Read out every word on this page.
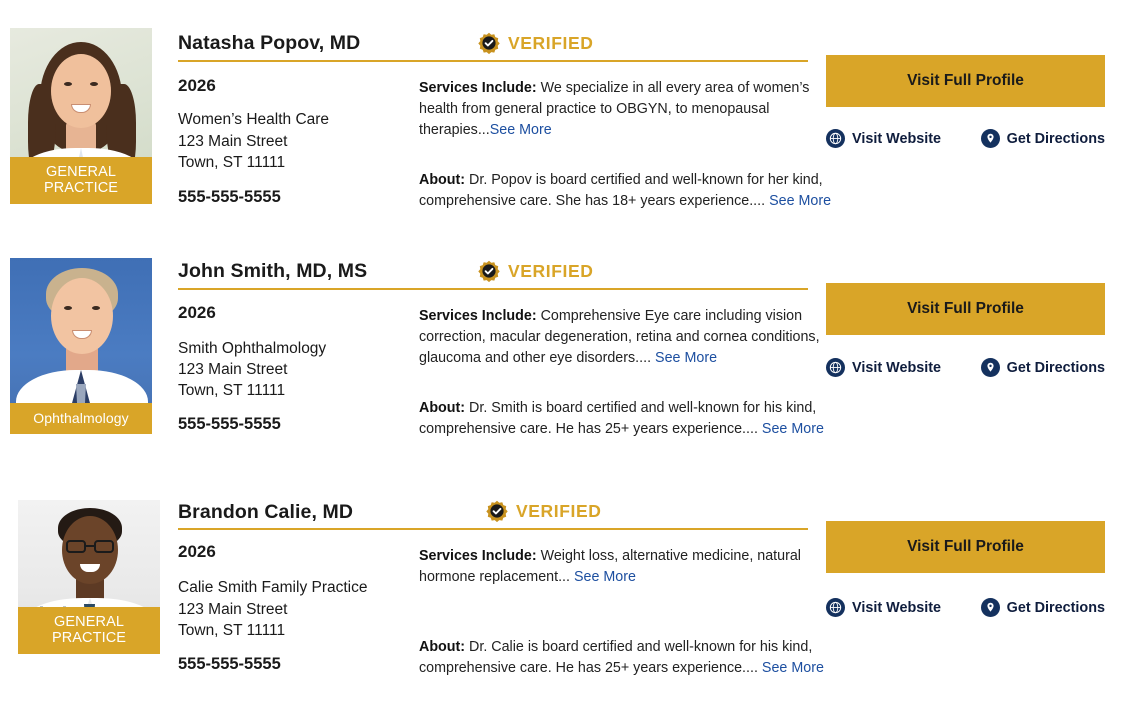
GENERAL PRACTICE
Natasha Popov, MD	VERIFIED
2026
Women’s Health Care
123 Main Street
Town, ST 11111
555-555-5555
Services Include: We specialize in all every area of women’s health from general practice to OBGYN, to menopausal therapies...See More
About: Dr. Popov is board certified and well-known for her kind, comprehensive care. She has 18+ years experience.... See More
Visit Full Profile
Visit Website	Get Directions
Ophthalmology
John Smith, MD, MS	VERIFIED
2026
Smith Ophthalmology
123 Main Street
Town, ST 11111
555-555-5555
Services Include: Comprehensive Eye care including vision correction, macular degeneration, retina and cornea conditions, glaucoma and other eye disorders.... See More
About: Dr. Smith is board certified and well-known for his kind, comprehensive care. He has 25+ years experience.... See More
Visit Full Profile
Visit Website	Get Directions
GENERAL PRACTICE
Brandon Calie, MD	VERIFIED
2026
Calie Smith Family Practice
123 Main Street
Town, ST 11111
555-555-5555
Services Include: Weight loss, alternative medicine, natural hormone replacement... See More
About: Dr. Calie is board certified and well-known for his kind, comprehensive care. He has 25+ years experience.... See More
Visit Full Profile
Visit Website	Get Directions
